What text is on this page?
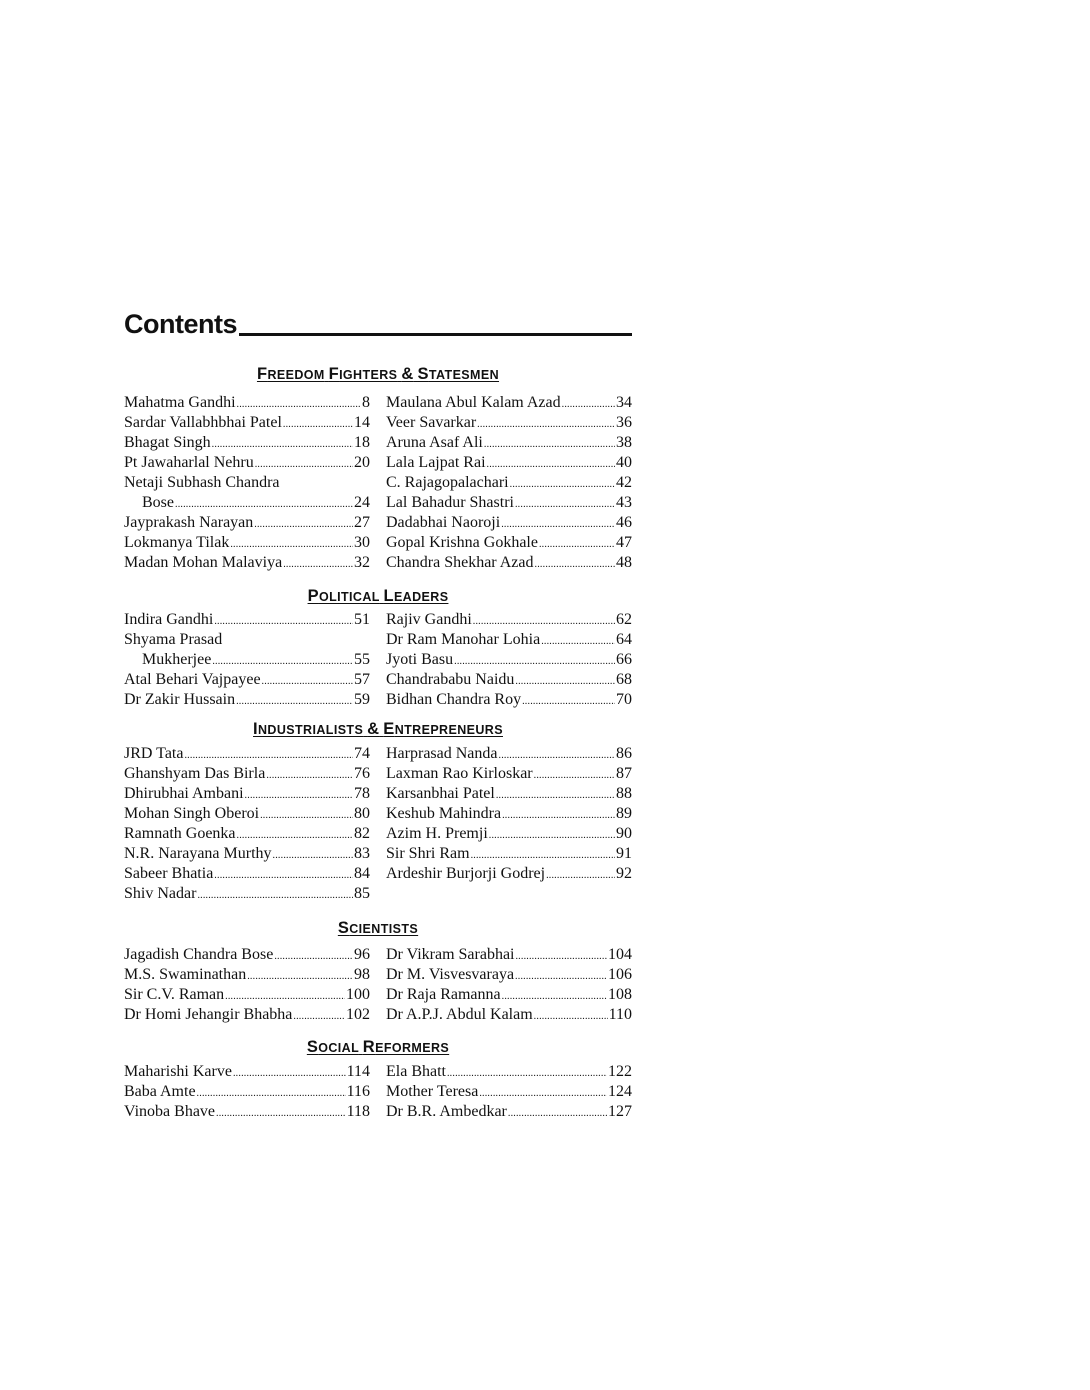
Contents
FREEDOM FIGHTERS & STATESMEN
Mahatma Gandhi .....	8
Sardar Vallabhbhai Patel .....	14
Bhagat Singh .....	18
Pt Jawaharlal Nehru .....	20
Netaji Subhash Chandra
Bose .....	24
Jayprakash Narayan .....	27
Lokmanya Tilak .....	30
Madan Mohan Malaviya .....	32
Maulana Abul Kalam Azad .....	34
Veer Savarkar .....	36
Aruna Asaf Ali .....	38
Lala Lajpat Rai .....	40
C. Rajagopalachari .....	42
Lal Bahadur Shastri .....	43
Dadabhai Naoroji .....	46
Gopal Krishna Gokhale .....	47
Chandra Shekhar Azad .....	48
POLITICAL LEADERS
Indira Gandhi .....	51
Shyama Prasad
Mukherjee .....	55
Atal Behari Vajpayee .....	57
Dr Zakir Hussain .....	59
Rajiv Gandhi .....	62
Dr Ram Manohar Lohia .....	64
Jyoti Basu .....	66
Chandrababu Naidu .....	68
Bidhan Chandra Roy .....	70
INDUSTRIALISTS & ENTREPRENEURS
JRD Tata .....	74
Ghanshyam Das Birla .....	76
Dhirubhai Ambani .....	78
Mohan Singh Oberoi .....	80
Ramnath Goenka .....	82
N.R. Narayana Murthy .....	83
Sabeer Bhatia .....	84
Shiv Nadar .....	85
Harprasad Nanda .....	86
Laxman Rao Kirloskar .....	87
Karsanbhai Patel .....	88
Keshub Mahindra .....	89
Azim H. Premji .....	90
Sir Shri Ram .....	91
Ardeshir Burjorji Godrej .....	92
SCIENTISTS
Jagadish Chandra Bose .....	96
M.S. Swaminathan .....	98
Sir C.V. Raman .....	100
Dr Homi Jehangir Bhabha .....	102
Dr Vikram Sarabhai .....	104
Dr M. Visvesvaraya .....	106
Dr Raja Ramanna .....	108
Dr A.P.J. Abdul Kalam .....	110
SOCIAL REFORMERS
Maharishi Karve .....	114
Baba Amte .....	116
Vinoba Bhave .....	118
Ela Bhatt .....	122
Mother Teresa .....	124
Dr B.R. Ambedkar .....	127
